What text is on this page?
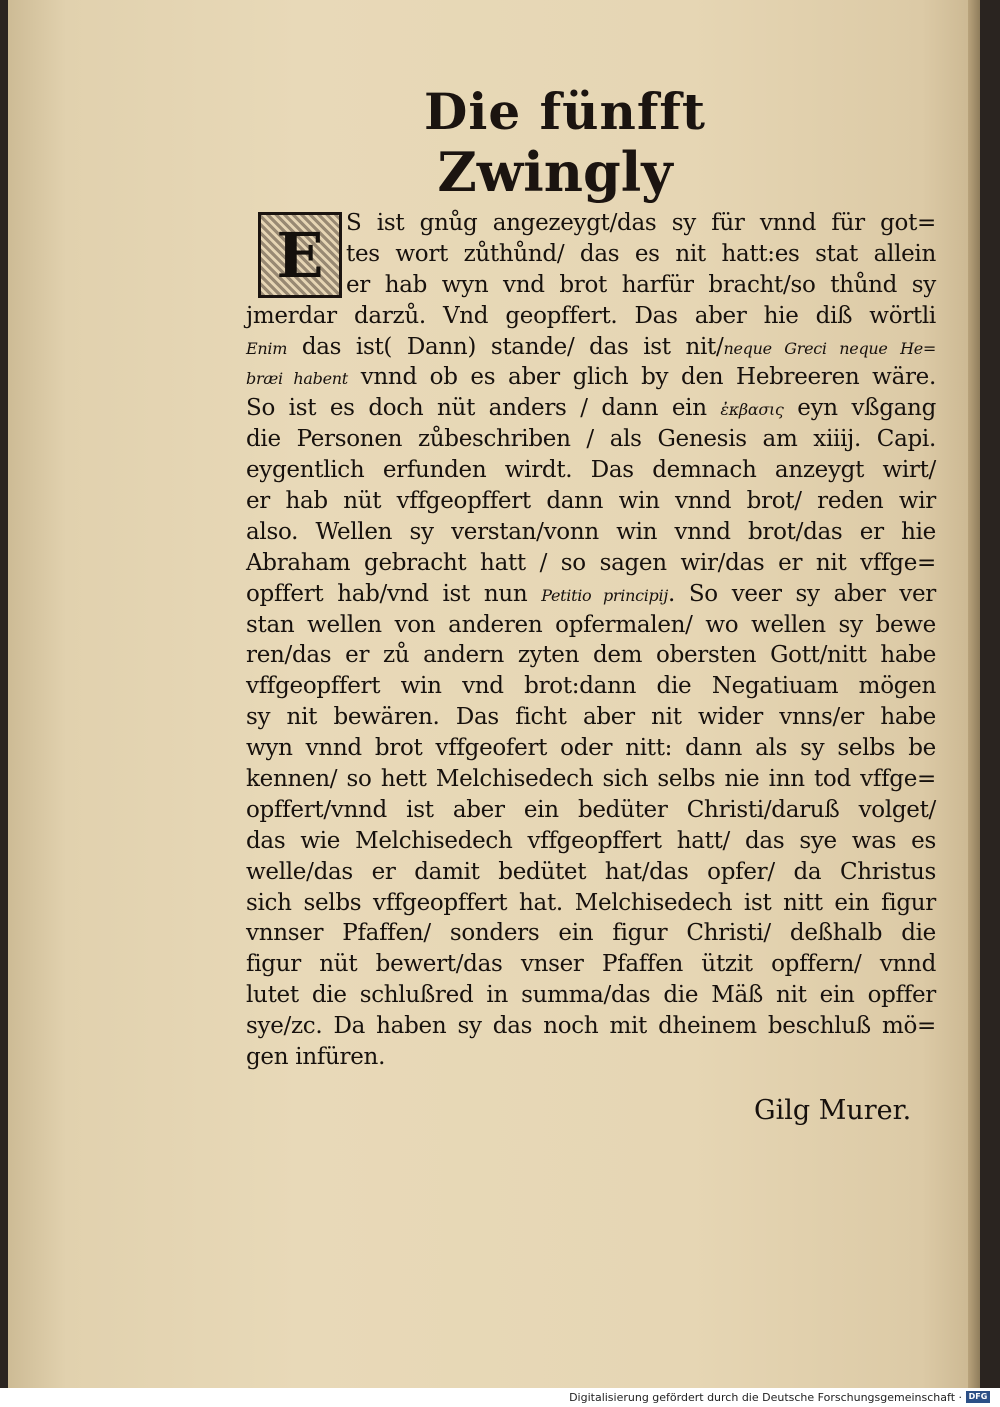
Die fünfft
Zwingly
E S ist gnůg angezeygt/das sy für vnnd für got=
tes wort zůthůnd/ das es nit hatt:es stat allein
er hab wyn vnd brot harfür bracht/so thůnd sy
jmerdar darzů. Vnd geopffert. Das aber hie diß wörtli
Enim das ist( Dann) stande/ das ist nit/neque Greci neque He=
bræi habent vnnd ob es aber glich by den Hebreeren wäre.
So ist es doch nüt anders / dann ein ἐκβασις eyn vßgang
die Personen zůbeschriben / als Genesis am xiiij. Capi.
eygentlich erfunden wirdt. Das demnach anzeygt wirt/
er hab nüt vffgeopffert dann win vnnd brot/ reden wir
also. Wellen sy verstan/vonn win vnnd brot/das er hie
Abraham gebracht hatt / so sagen wir/das er nit vffge=
opffert hab/vnd ist nun Petitio principij. So veer sy aber ver
stan wellen von anderen opfermalen/ wo wellen sy bewe
ren/das er zů andern zyten dem obersten Gott/nitt habe
vffgeopffert win vnd brot:dann die Negatiuam mögen
sy nit bewären. Das ficht aber nit wider vnns/er habe
wyn vnnd brot vffgeofert oder nitt: dann als sy selbs be
kennen/ so hett Melchisedech sich selbs nie inn tod vffge=
opffert/vnnd ist aber ein bedüter Christi/daruß volget/
das wie Melchisedech vffgeopffert hatt/ das sye was es
welle/das er damit bedütet hat/das opfer/ da Christus
sich selbs vffgeopffert hat. Melchisedech ist nitt ein figur
vnnser Pfaffen/ sonders ein figur Christi/ deßhalb die
figur nüt bewert/das vnser Pfaffen ützit opffern/ vnnd
lutet die schlußred in summa/das die Mäß nit ein opffer
sye/zc. Da haben sy das noch mit dheinem beschluß mö=
gen infüren.
Gilg Murer.
Digitalisierung gefördert durch die Deutsche Forschungsgemeinschaft · DFG
